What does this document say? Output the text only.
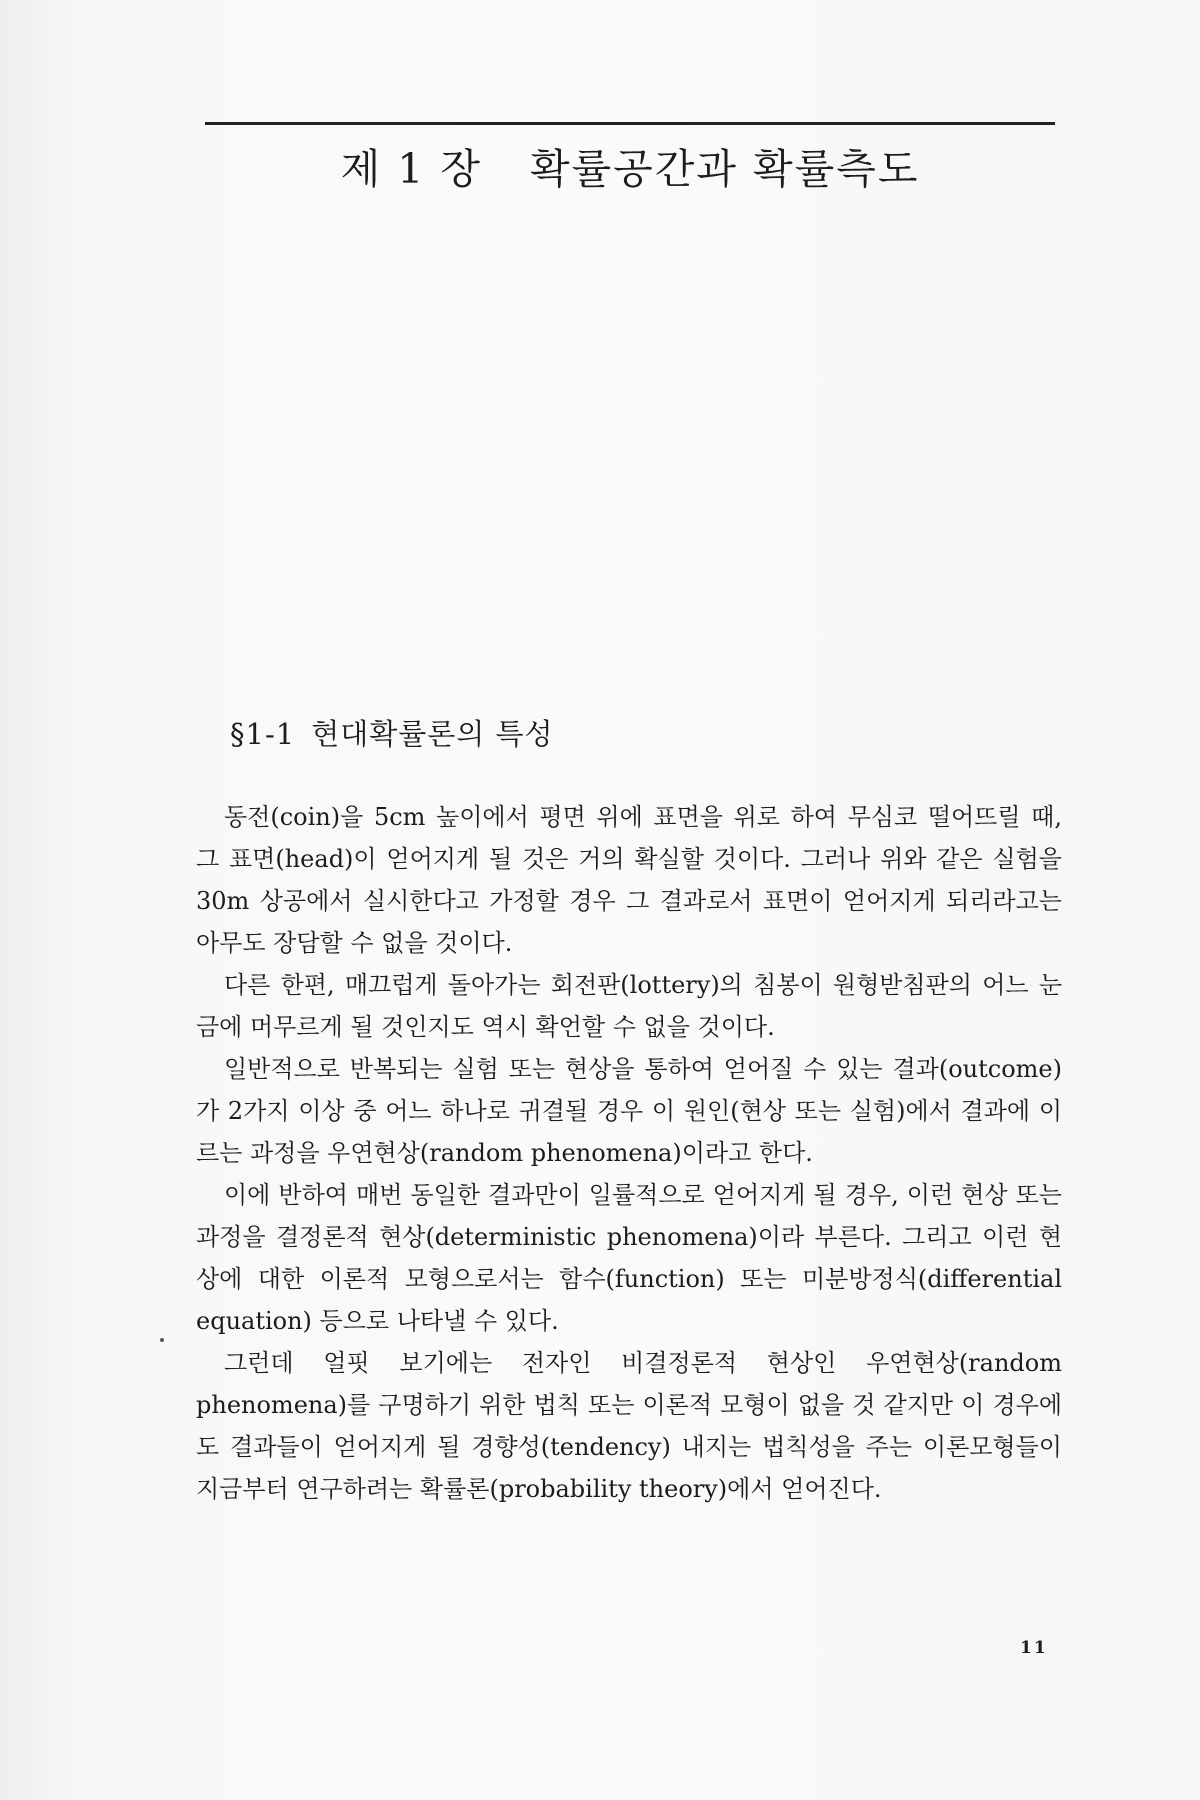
제 1 장 확률공간과 확률측도
§1-1 현대확률론의 특성

동전(coin)을 5cm 높이에서 평면 위에 표면을 위로 하여 무심코 떨어뜨릴 때, 그 표면(head)이 얻어지게 될 것은 거의 확실할 것이다. 그러나 위와 같은 실험을 30m 상공에서 실시한다고 가정할 경우 그 결과로서 표면이 얻어지게 되리라고는 아무도 장담할 수 없을 것이다.

다른 한편, 매끄럽게 돌아가는 회전판(lottery)의 침봉이 원형받침판의 어느 눈금에 머무르게 될 것인지도 역시 확언할 수 없을 것이다.

일반적으로 반복되는 실험 또는 현상을 통하여 얻어질 수 있는 결과(outcome)가 2가지 이상 중 어느 하나로 귀결될 경우 이 원인(현상 또는 실험)에서 결과에 이르는 과정을 우연현상(random phenomena)이라고 한다.

이에 반하여 매번 동일한 결과만이 일률적으로 얻어지게 될 경우, 이런 현상 또는 과정을 결정론적 현상(deterministic phenomena)이라 부른다. 그리고 이런 현상에 대한 이론적 모형으로서는 함수(function) 또는 미분방정식(differential equation) 등으로 나타낼 수 있다.

그런데 얼핏 보기에는 전자인 비결정론적 현상인 우연현상(random phenomena)를 구명하기 위한 법칙 또는 이론적 모형이 없을 것 같지만 이 경우에도 결과들이 얻어지게 될 경향성(tendency) 내지는 법칙성을 주는 이론모형들이 지금부터 연구하려는 확률론(probability theory)에서 얻어진다.

11
